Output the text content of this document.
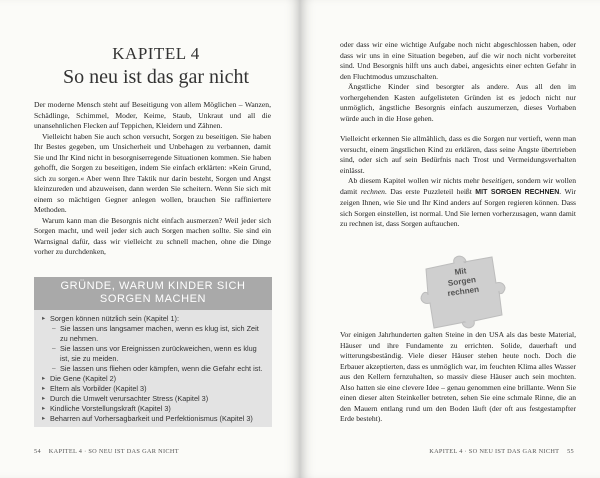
KAPITEL 4
So neu ist das gar nicht

Der moderne Mensch steht auf Beseitigung von allem Möglichen – Wanzen, Schädlinge, Schimmel, Moder, Keime, Staub, Unkraut und all die unansehnlichen Flecken auf Teppichen, Kleidern und Zähnen.

Vielleicht haben Sie auch schon versucht, Sorgen zu beseitigen. Sie haben Ihr Bestes gegeben, um Unsicherheit und Unbehagen zu verbannen, damit Sie und Ihr Kind nicht in besorgniserregende Situationen kommen. Sie haben gehofft, die Sorgen zu beseitigen, indem Sie einfach erklärten: »Kein Grund, sich zu sorgen.« Aber wenn Ihre Taktik nur darin besteht, Sorgen und Angst kleinzureden und abzuweisen, dann werden Sie scheitern. Wenn Sie sich mit einem so mächtigen Gegner anlegen wollen, brauchen Sie raffiniertere Methoden.

Warum kann man die Besorgnis nicht einfach ausmerzen? Weil jeder sich Sorgen macht, und weil jeder sich auch Sorgen machen sollte. Sie sind ein Warnsignal dafür, dass wir vielleicht zu schnell machen, ohne die Dinge vorher zu durchdenken,

GRÜNDE, WARUM KINDER SICH
SORGEN MACHEN
▸ Sorgen können nützlich sein (Kapitel 1):
– Sie lassen uns langsamer machen, wenn es klug ist, sich Zeit zu nehmen.
– Sie lassen uns vor Ereignissen zurückweichen, wenn es klug ist, sie zu meiden.
– Sie lassen uns fliehen oder kämpfen, wenn die Gefahr echt ist.
▸ Die Gene (Kapitel 2)
▸ Eltern als Vorbilder (Kapitel 3)
▸ Durch die Umwelt verursachter Stress (Kapitel 3)
▸ Kindliche Vorstellungskraft (Kapitel 3)
▸ Beharren auf Vorhersagbarkeit und Perfektionismus (Kapitel 3)
54 KAPITEL 4 · SO NEU IST DAS GAR NICHT

oder dass wir eine wichtige Aufgabe noch nicht abgeschlossen haben, oder dass wir uns in eine Situation begeben, auf die wir noch nicht vorbereitet sind. Und Besorgnis hilft uns auch dabei, angesichts einer echten Gefahr in den Fluchtmodus umzuschalten.

Ängstliche Kinder sind besorgter als andere. Aus all den im vorhergehenden Kasten aufgelisteten Gründen ist es jedoch nicht nur unmöglich, ängstliche Besorgnis einfach auszumerzen, dieses Vorhaben würde auch in die Hose gehen.

Vielleicht erkennen Sie allmählich, dass es die Sorgen nur vertieft, wenn man versucht, einem ängstlichen Kind zu erklären, dass seine Ängste übertrieben sind, oder sich auf sein Bedürfnis nach Trost und Vermeidungsverhalten einlässt.

Ab diesem Kapitel wollen wir nichts mehr beseitigen, sondern wir wollen damit rechnen. Das erste Puzzleteil heißt MIT SORGEN RECHNEN. Wir zeigen Ihnen, wie Sie und Ihr Kind anders auf Sorgen regieren können. Dass sich Sorgen einstellen, ist normal. Und Sie lernen vorherzusagen, wann damit zu rechnen ist, dass Sorgen auftauchen.

Mit
Sorgen
rechnen

Vor einigen Jahrhunderten galten Steine in den USA als das beste Material, Häuser und ihre Fundamente zu errichten. Solide, dauerhaft und witterungsbeständig. Viele dieser Häuser stehen heute noch. Doch die Erbauer akzeptierten, dass es unmöglich war, im feuchten Klima alles Wasser aus den Kellern fernzuhalten, so massiv diese Häuser auch sein mochten. Also hatten sie eine clevere Idee – genau genommen eine brillante. Wenn Sie einen dieser alten Steinkeller betreten, sehen Sie eine schmale Rinne, die an den Mauern entlang rund um den Boden läuft (der oft aus festgestampfter Erde besteht).

KAPITEL 4 · SO NEU IST DAS GAR NICHT 55
